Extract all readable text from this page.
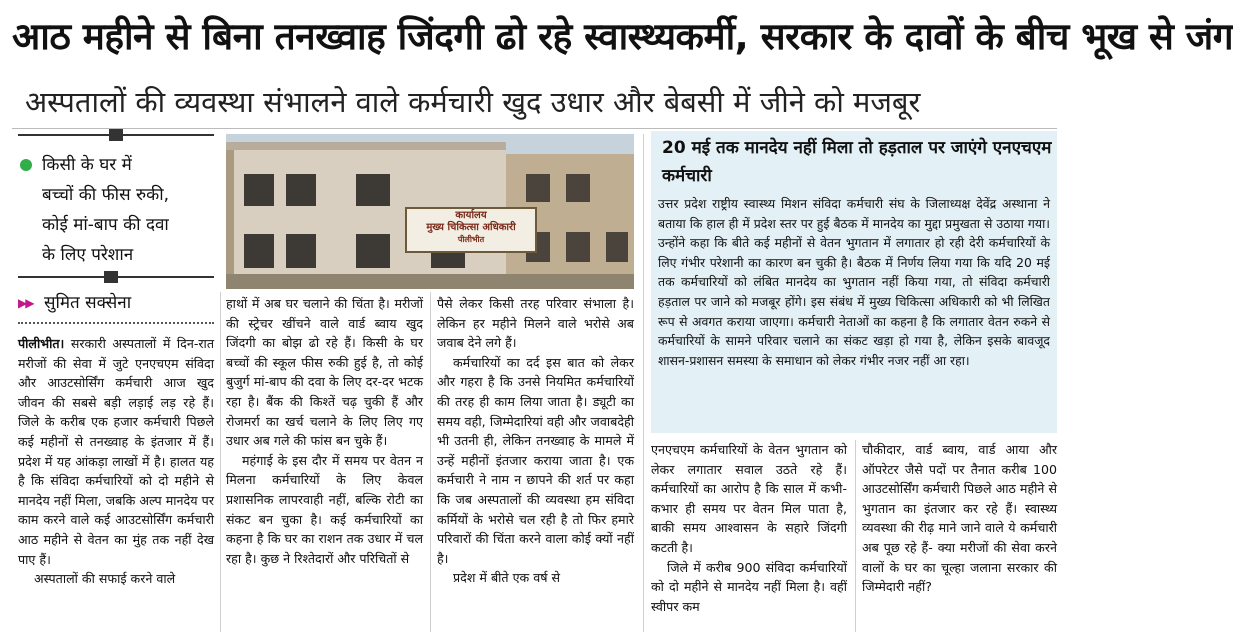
आठ महीने से बिना तनख्वाह जिंदगी ढो रहे स्वास्थ्यकर्मी, सरकार के दावों के बीच भूख से जंग
अस्पतालों की व्यवस्था संभालने वाले कर्मचारी खुद उधार और बेबसी में जीने को मजबूर
किसी के घर में
बच्चों की फीस रुकी,
कोई मां-बाप की दवा
के लिए परेशान
▶▶ सुमित सक्सेना
कार्यालय
मुख्य चिकित्सा अधिकारी
पीलीभीत
20 मई तक मानदेय नहीं मिला तो हड़ताल पर जाएंगे एनएचएम कर्मचारी

उत्तर प्रदेश राष्ट्रीय स्वास्थ्य मिशन संविदा कर्मचारी संघ के जिलाध्यक्ष देवेंद्र अस्थाना ने बताया कि हाल ही में प्रदेश स्तर पर हुई बैठक में मानदेय का मुद्दा प्रमुखता से उठाया गया। उन्होंने कहा कि बीते कई महीनों से वेतन भुगतान में लगातार हो रही देरी कर्मचारियों के लिए गंभीर परेशानी का कारण बन चुकी है। बैठक में निर्णय लिया गया कि यदि 20 मई तक कर्मचारियों को लंबित मानदेय का भुगतान नहीं किया गया, तो संविदा कर्मचारी हड़ताल पर जाने को मजबूर होंगे। इस संबंध में मुख्य चिकित्सा अधिकारी को भी लिखित रूप से अवगत कराया जाएगा। कर्मचारी नेताओं का कहना है कि लगातार वेतन रुकने से कर्मचारियों के सामने परिवार चलाने का संकट खड़ा हो गया है, लेकिन इसके बावजूद शासन-प्रशासन समस्या के समाधान को लेकर गंभीर नजर नहीं आ रहा।

पीलीभीत। सरकारी अस्पतालों में दिन-रात मरीजों की सेवा में जुटे एनएचएम संविदा और आउटसोर्सिंग कर्मचारी आज खुद जीवन की सबसे बड़ी लड़ाई लड़ रहे हैं। जिले के करीब एक हजार कर्मचारी पिछले कई महीनों से तनख्वाह के इंतजार में हैं। प्रदेश में यह आंकड़ा लाखों में है। हालत यह है कि संविदा कर्मचारियों को दो महीने से मानदेय नहीं मिला, जबकि अल्प मानदेय पर काम करने वाले कई आउटसोर्सिंग कर्मचारी आठ महीने से वेतन का मुंह तक नहीं देख पाए हैं।

अस्पतालों की सफाई करने वाले

हाथों में अब घर चलाने की चिंता है। मरीजों की स्ट्रेचर खींचने वाले वार्ड ब्वाय खुद जिंदगी का बोझ ढो रहे हैं। किसी के घर बच्चों की स्कूल फीस रुकी हुई है, तो कोई बुजुर्ग मां-बाप की दवा के लिए दर-दर भटक रहा है। बैंक की किश्तें चढ़ चुकी हैं और रोजमर्रा का खर्च चलाने के लिए लिए गए उधार अब गले की फांस बन चुके हैं।

महंगाई के इस दौर में समय पर वेतन न मिलना कर्मचारियों के लिए केवल प्रशासनिक लापरवाही नहीं, बल्कि रोटी का संकट बन चुका है। कई कर्मचारियों का कहना है कि घर का राशन तक उधार में चल रहा है। कुछ ने रिश्तेदारों और परिचितों से

पैसे लेकर किसी तरह परिवार संभाला है। लेकिन हर महीने मिलने वाले भरोसे अब जवाब देने लगे हैं।

कर्मचारियों का दर्द इस बात को लेकर और गहरा है कि उनसे नियमित कर्मचारियों की तरह ही काम लिया जाता है। ड्यूटी का समय वही, जिम्मेदारियां वही और जवाबदेही भी उतनी ही, लेकिन तनख्वाह के मामले में उन्हें महीनों इंतजार कराया जाता है। एक कर्मचारी ने नाम न छापने की शर्त पर कहा कि जब अस्पतालों की व्यवस्था हम संविदा कर्मियों के भरोसे चल रही है तो फिर हमारे परिवारों की चिंता करने वाला कोई क्यों नहीं है।

प्रदेश में बीते एक वर्ष से

एनएचएम कर्मचारियों के वेतन भुगतान को लेकर लगातार सवाल उठते रहे हैं। कर्मचारियों का आरोप है कि साल में कभी-कभार ही समय पर वेतन मिल पाता है, बाकी समय आश्वासन के सहारे जिंदगी कटती है।

जिले में करीब 900 संविदा कर्मचारियों को दो महीने से मानदेय नहीं मिला है। वहीं स्वीपर कम

चौकीदार, वार्ड ब्वाय, वार्ड आया और ऑपरेटर जैसे पदों पर तैनात करीब 100 आउटसोर्सिंग कर्मचारी पिछले आठ महीने से भुगतान का इंतजार कर रहे हैं। स्वास्थ्य व्यवस्था की रीढ़ माने जाने वाले ये कर्मचारी अब पूछ रहे हैं- क्या मरीजों की सेवा करने वालों के घर का चूल्हा जलाना सरकार की जिम्मेदारी नहीं?
